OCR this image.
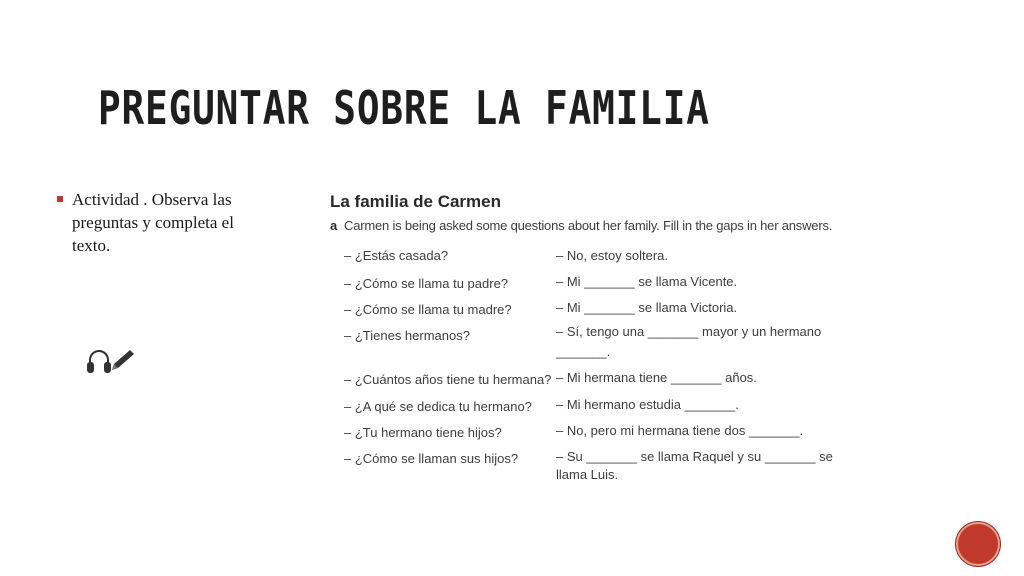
PREGUNTAR SOBRE LA FAMILIA
Actividad . Observa las preguntas y completa el texto.
La familia de Carmen
a Carmen is being asked some questions about her family. Fill in the gaps in her answers.
– ¿Estás casada?	– No, estoy soltera.
– ¿Cómo se llama tu padre?	– Mi _______ se llama Vicente.
– ¿Cómo se llama tu madre?	– Mi _______ se llama Victoria.
– ¿Tienes hermanos?	– Sí, tengo una _______ mayor y un hermano
_______.
– ¿Cuántos años tiene tu hermana? – Mi hermana tiene _______ años.
– ¿A qué se dedica tu hermano? – Mi hermano estudia _______.
– ¿Tu hermano tiene hijos?	– No, pero mi hermana tiene dos _______.
– ¿Cómo se llaman sus hijos?	– Su _______ se llama Raquel y su _______ se
llama Luis.
